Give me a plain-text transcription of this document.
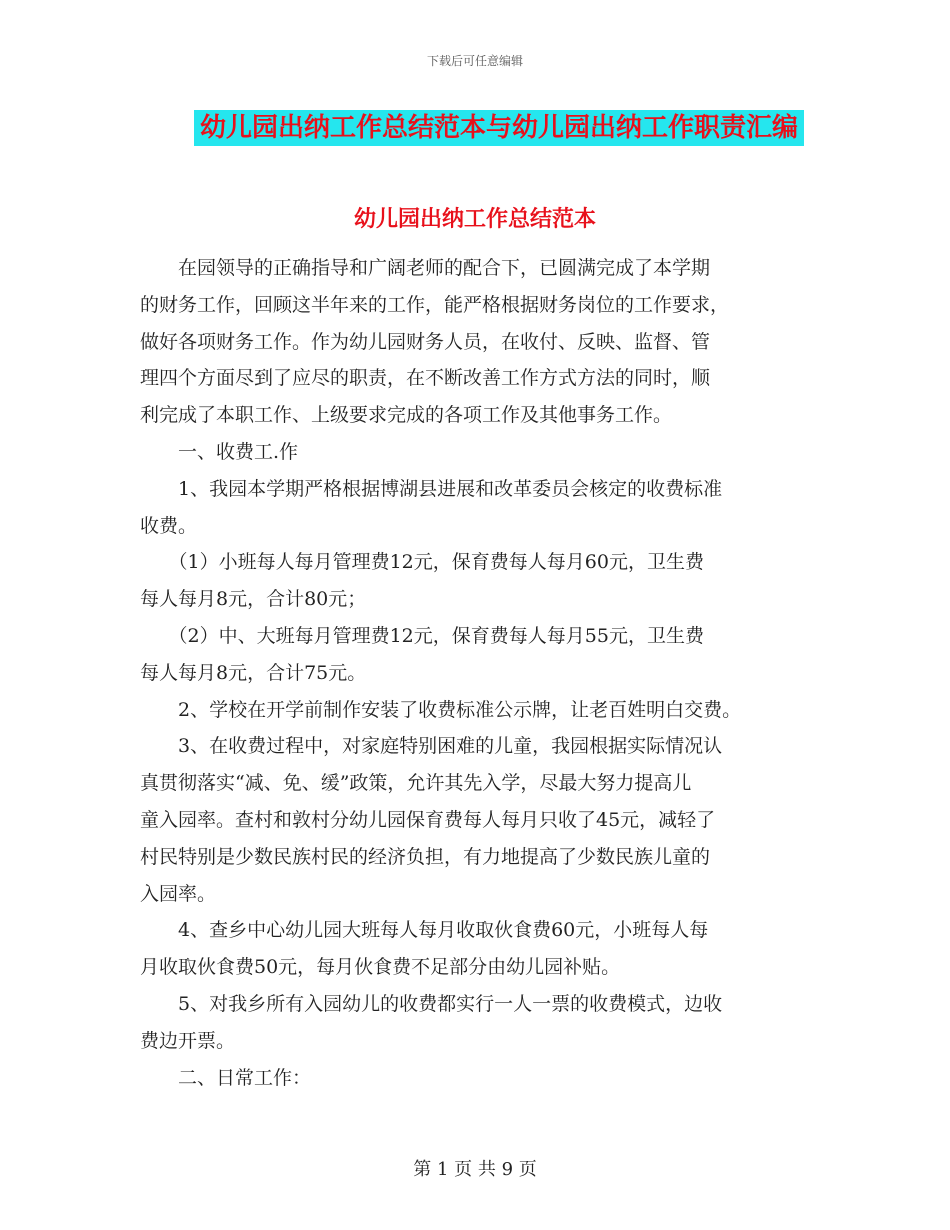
下载后可任意编辑
幼儿园出纳工作总结范本与幼儿园出纳工作职责汇编
幼儿园出纳工作总结范本

　　在园领导的正确指导和广阔老师的配合下，已圆满完成了本学期

的财务工作，回顾这半年来的工作，能严格根据财务岗位的工作要求，

做好各项财务工作。作为幼儿园财务人员，在收付、反映、监督、管

理四个方面尽到了应尽的职责，在不断改善工作方式方法的同时，顺

利完成了本职工作、上级要求完成的各项工作及其他事务工作。

　　一、收费工.作

　　1、我园本学期严格根据博湖县进展和改革委员会核定的收费标准

收费。

　　（1）小班每人每月管理费12元，保育费每人每月60元，卫生费

每人每月8元，合计80元；

　　（2）中、大班每月管理费12元，保育费每人每月55元，卫生费

每人每月8元，合计75元。

　　2、学校在开学前制作安装了收费标准公示牌，让老百姓明白交费。

　　3、在收费过程中，对家庭特别困难的儿童，我园根据实际情况认

真贯彻落实“减、免、缓”政策，允许其先入学，尽最大努力提高儿

童入园率。查村和敦村分幼儿园保育费每人每月只收了45元，减轻了

村民特别是少数民族村民的经济负担，有力地提高了少数民族儿童的

入园率。

　　4、查乡中心幼儿园大班每人每月收取伙食费60元，小班每人每

月收取伙食费50元，每月伙食费不足部分由幼儿园补贴。

　　5、对我乡所有入园幼儿的收费都实行一人一票的收费模式，边收

费边开票。

　　二、日常工作：

第 1 页 共 9 页
